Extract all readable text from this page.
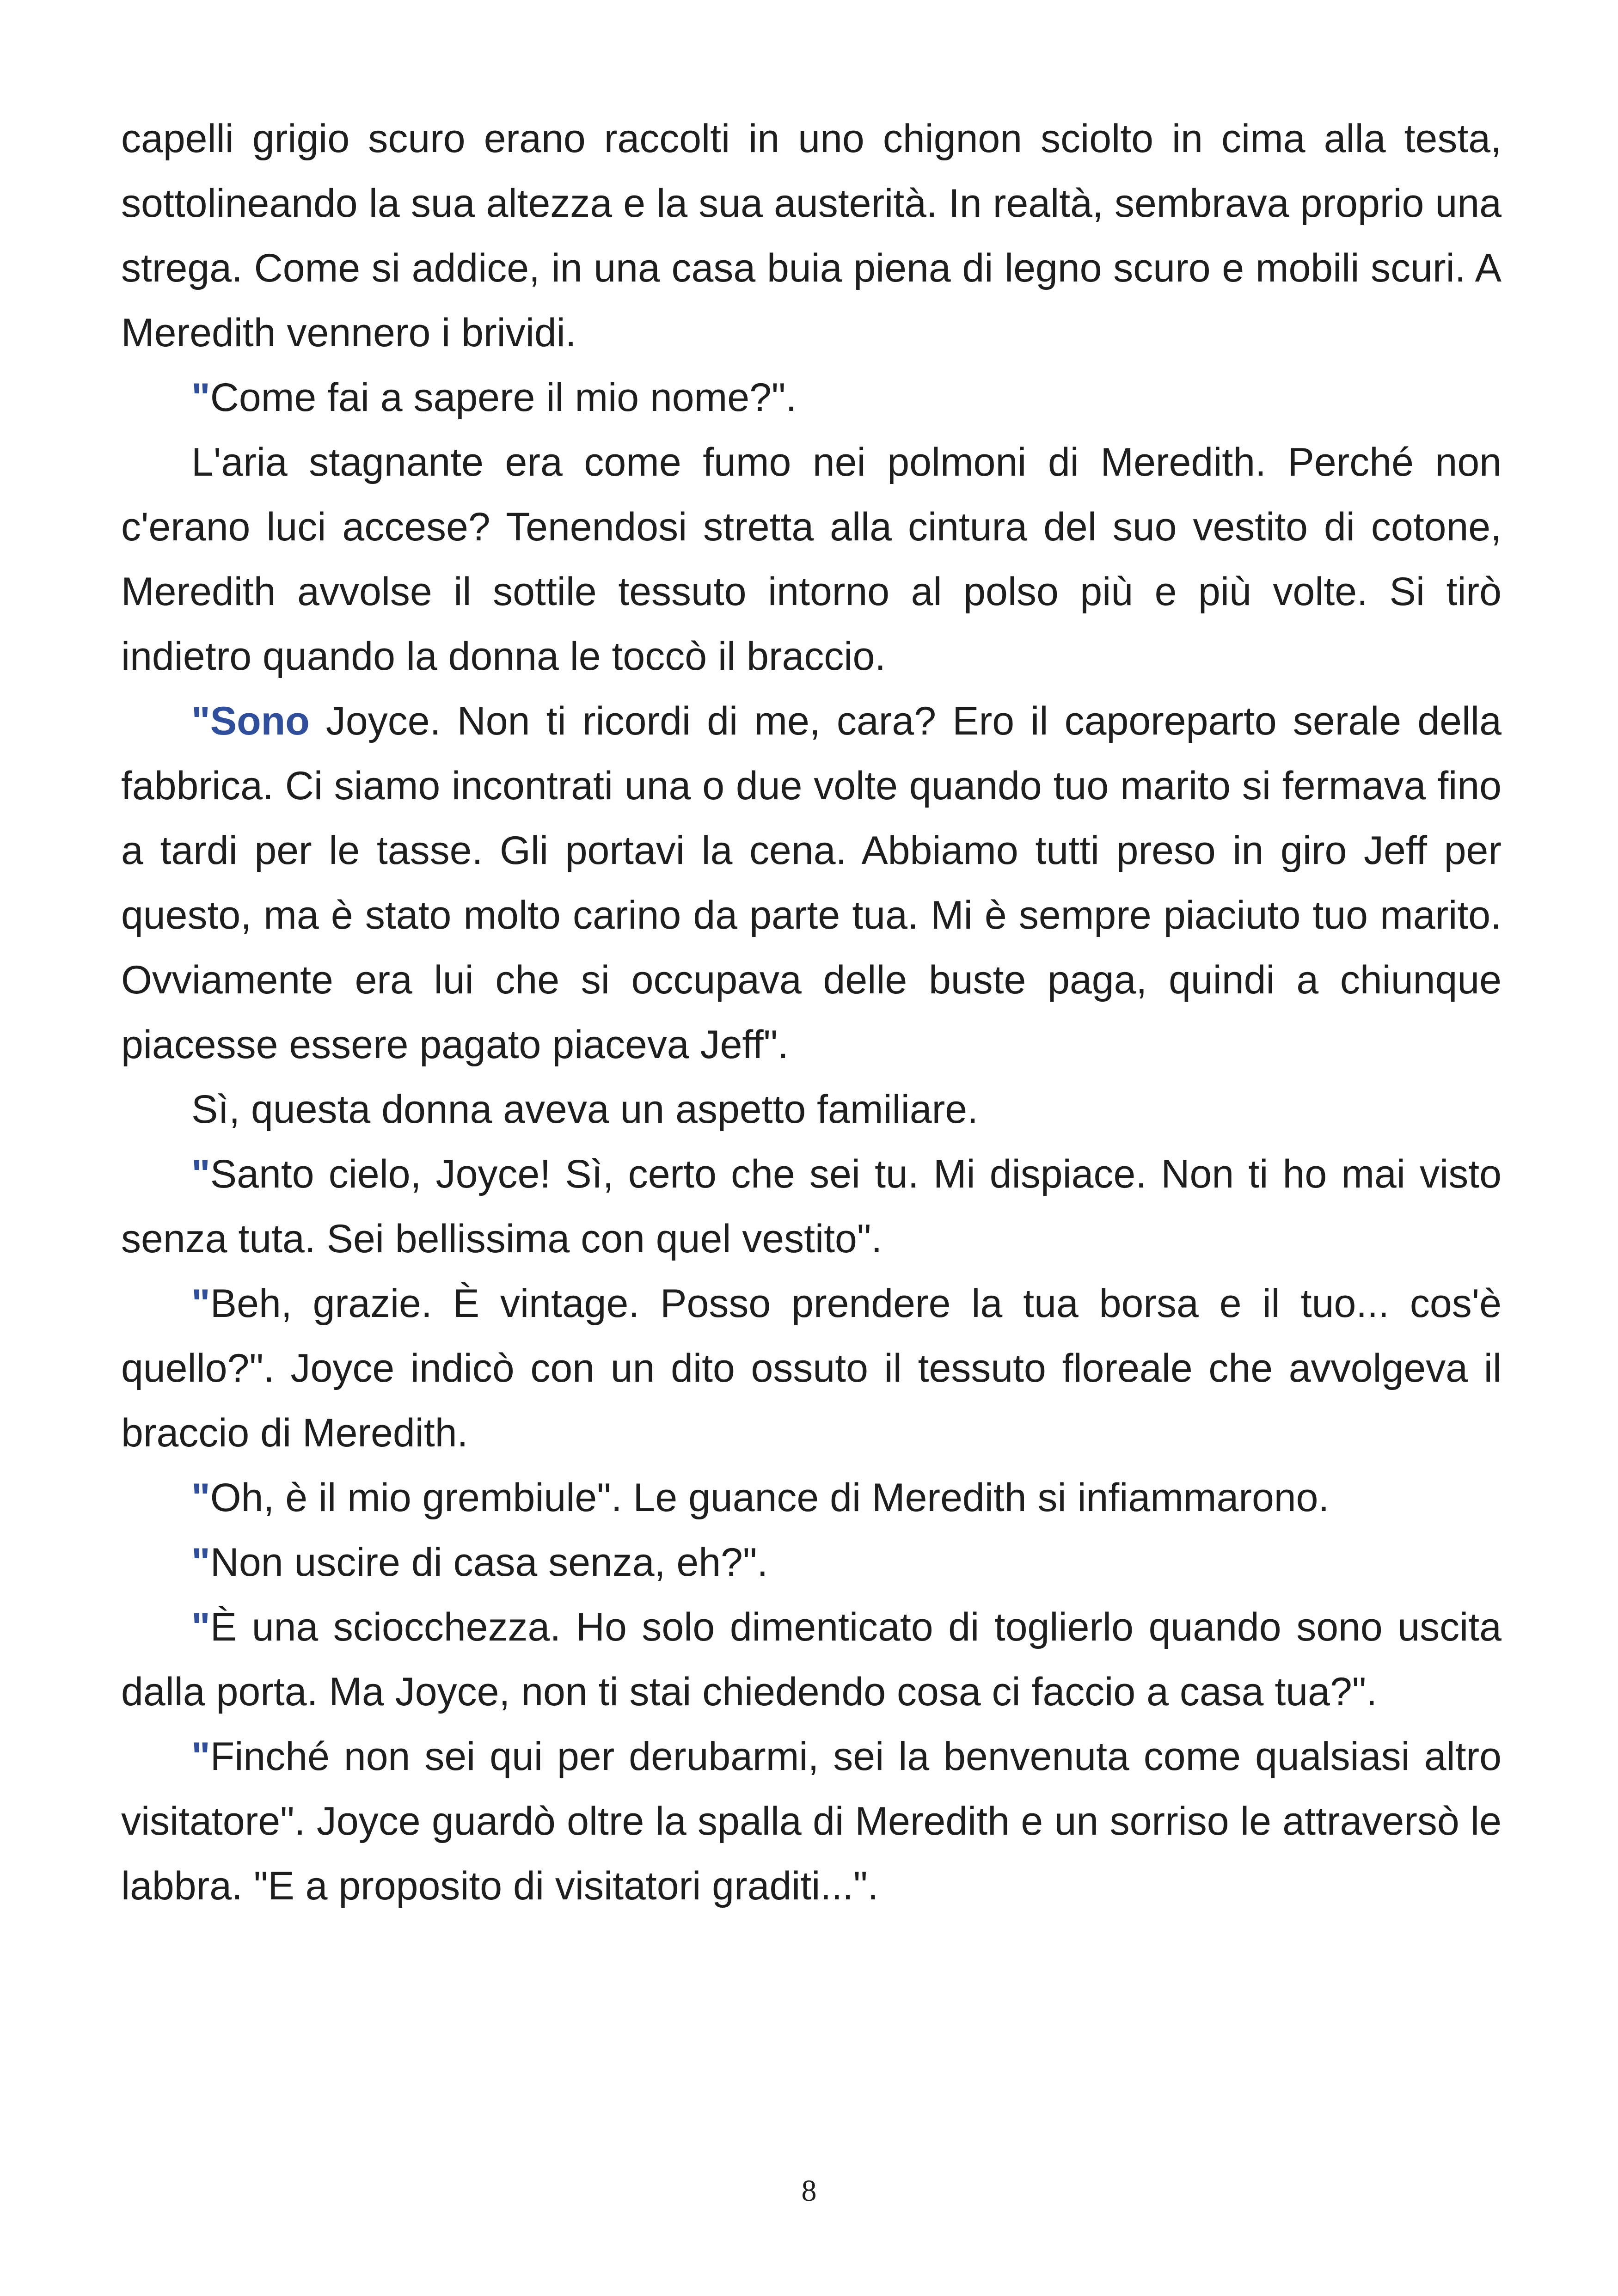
capelli grigio scuro erano raccolti in uno chignon sciolto in cima alla testa, sottolineando la sua altezza e la sua austerità. In realtà, sembrava proprio una strega. Come si addice, in una casa buia piena di legno scuro e mobili scuri. A Meredith vennero i brividi.

"Come fai a sapere il mio nome?".

L'aria stagnante era come fumo nei polmoni di Meredith. Perché non c'erano luci accese? Tenendosi stretta alla cintura del suo vestito di cotone, Meredith avvolse il sottile tessuto intorno al polso più e più volte. Si tirò indietro quando la donna le toccò il braccio.

"Sono Joyce. Non ti ricordi di me, cara? Ero il caporeparto serale della fabbrica. Ci siamo incontrati una o due volte quando tuo marito si fermava fino a tardi per le tasse. Gli portavi la cena. Abbiamo tutti preso in giro Jeff per questo, ma è stato molto carino da parte tua. Mi è sempre piaciuto tuo marito. Ovviamente era lui che si occupava delle buste paga, quindi a chiunque piacesse essere pagato piaceva Jeff".

Sì, questa donna aveva un aspetto familiare.

"Santo cielo, Joyce! Sì, certo che sei tu. Mi dispiace. Non ti ho mai visto senza tuta. Sei bellissima con quel vestito".

"Beh, grazie. È vintage. Posso prendere la tua borsa e il tuo... cos'è quello?". Joyce indicò con un dito ossuto il tessuto floreale che avvolgeva il braccio di Meredith.

"Oh, è il mio grembiule". Le guance di Meredith si infiammarono.

"Non uscire di casa senza, eh?".

"È una sciocchezza. Ho solo dimenticato di toglierlo quando sono uscita dalla porta. Ma Joyce, non ti stai chiedendo cosa ci faccio a casa tua?".

"Finché non sei qui per derubarmi, sei la benvenuta come qualsiasi altro visitatore". Joyce guardò oltre la spalla di Meredith e un sorriso le attraversò le labbra. "E a proposito di visitatori graditi...".

8
